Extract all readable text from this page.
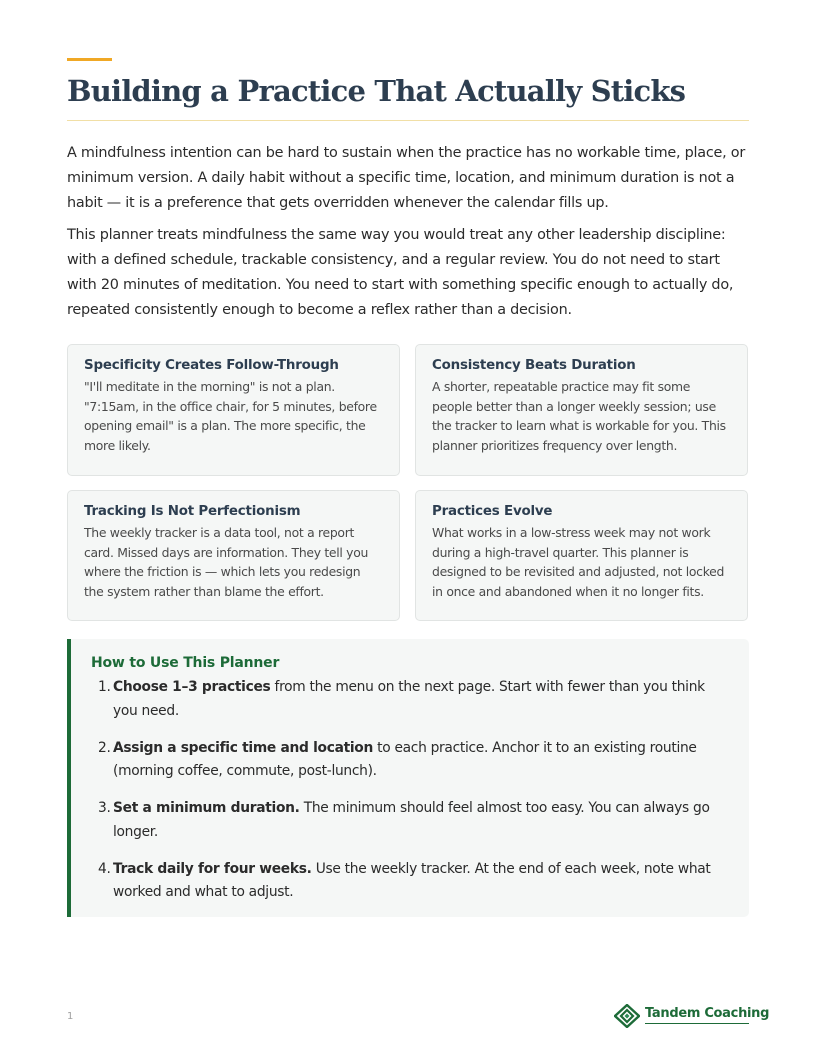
Building a Practice That Actually Sticks

A mindfulness intention can be hard to sustain when the practice has no workable time, place, or minimum version. A daily habit without a specific time, location, and minimum duration is not a habit — it is a preference that gets overridden whenever the calendar fills up.

This planner treats mindfulness the same way you would treat any other leadership discipline: with a defined schedule, trackable consistency, and a regular review. You do not need to start with 20 minutes of meditation. You need to start with something specific enough to actually do, repeated consistently enough to become a reflex rather than a decision.

Specificity Creates Follow-Through

"I'll meditate in the morning" is not a plan. "7:15am, in the office chair, for 5 minutes, before opening email" is a plan. The more specific, the more likely.

Consistency Beats Duration

A shorter, repeatable practice may fit some people better than a longer weekly session; use the tracker to learn what is workable for you. This planner prioritizes frequency over length.

Tracking Is Not Perfectionism

The weekly tracker is a data tool, not a report card. Missed days are information. They tell you where the friction is — which lets you redesign the system rather than blame the effort.

Practices Evolve

What works in a low-stress week may not work during a high-travel quarter. This planner is designed to be revisited and adjusted, not locked in once and abandoned when it no longer fits.

How to Use This Planner
1. Choose 1–3 practices from the menu on the next page. Start with fewer than you think you need.
2. Assign a specific time and location to each practice. Anchor it to an existing routine (morning coffee, commute, post-lunch).
3. Set a minimum duration. The minimum should feel almost too easy. You can always go longer.
4. Track daily for four weeks. Use the weekly tracker. At the end of each week, note what worked and what to adjust.
1	Tandem Coaching
